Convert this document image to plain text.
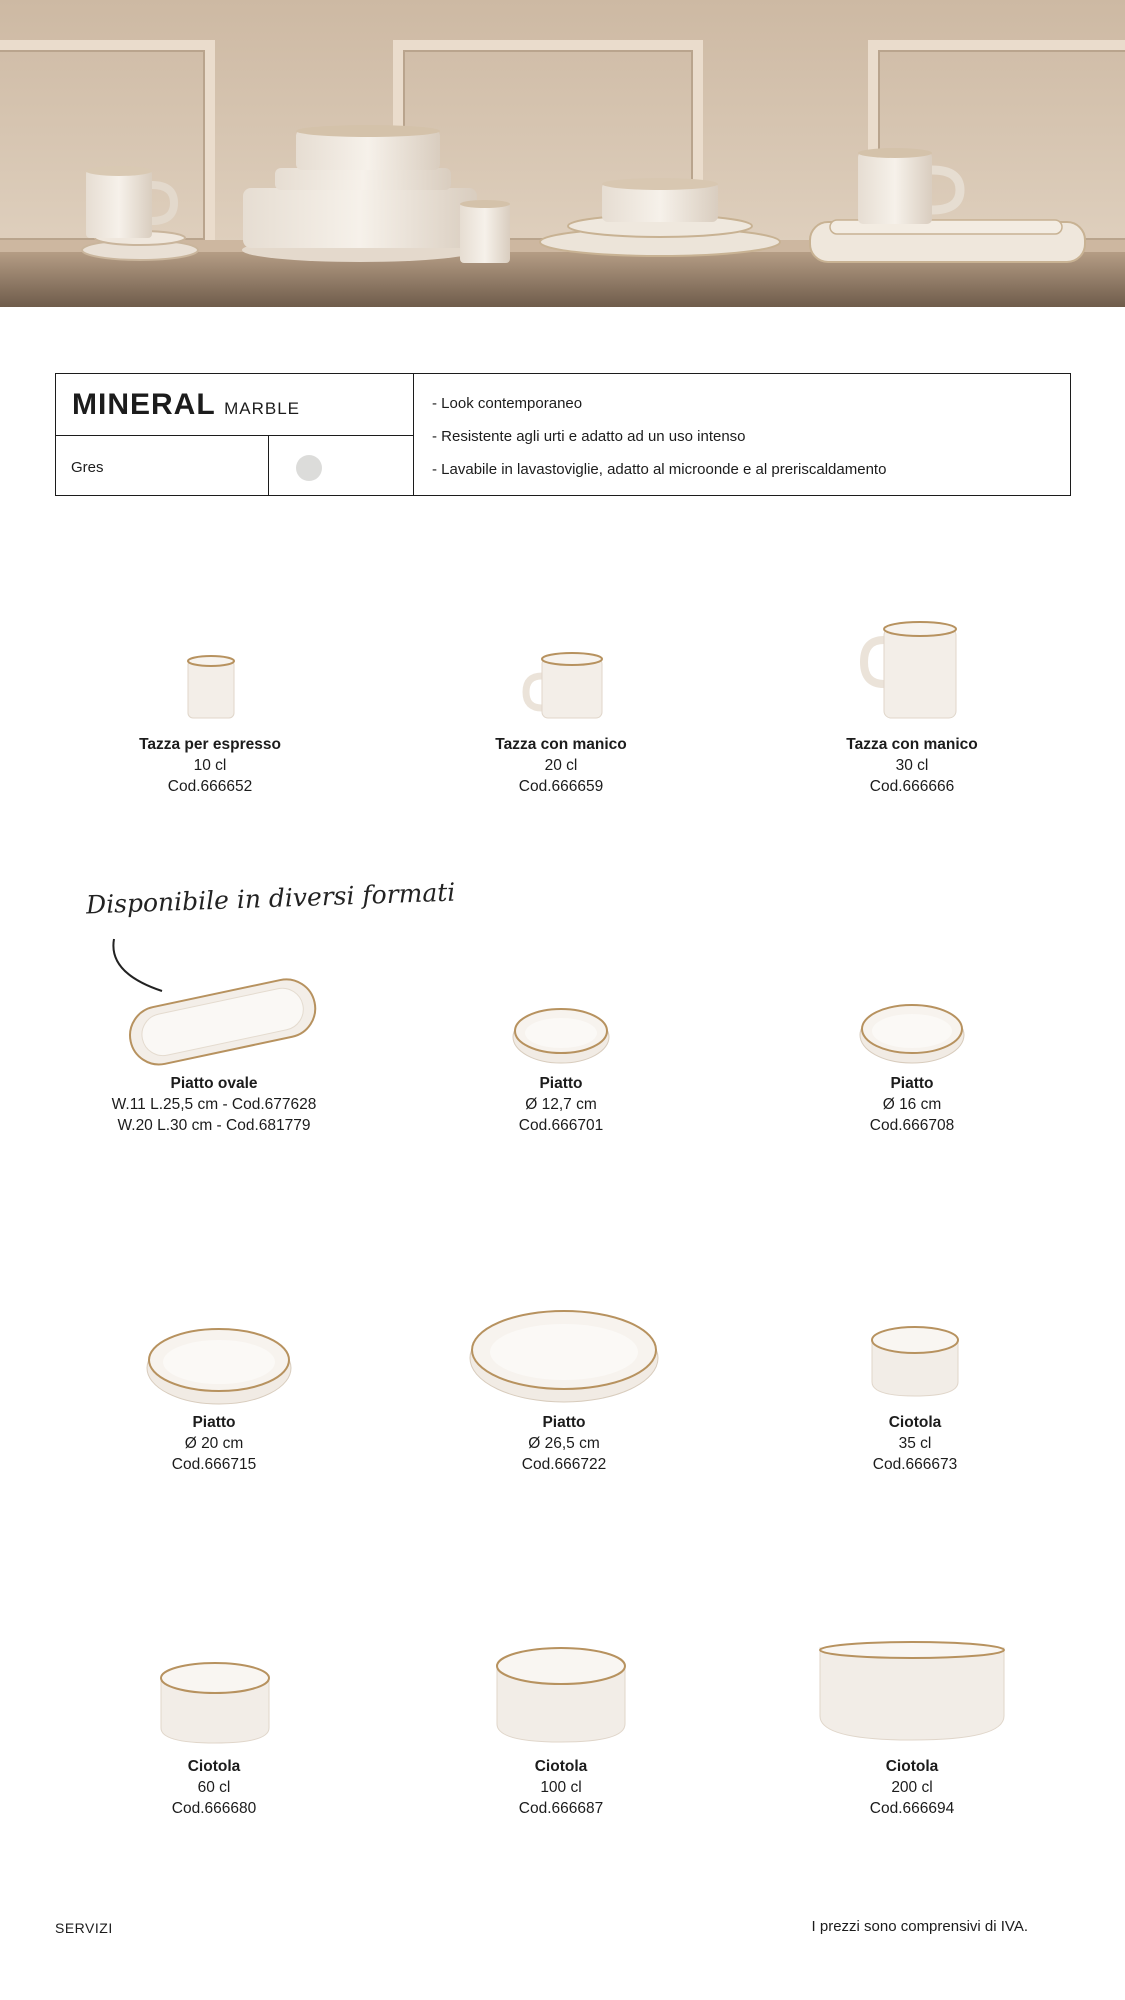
MINERAL MARBLE
Gres
- Look contemporaneo
- Resistente agli urti e adatto ad un uso intenso
- Lavabile in lavastoviglie, adatto al microonde e al preriscaldamento
Tazza per espresso
10 cl
Cod.666652
Tazza con manico
20 cl
Cod.666659
Tazza con manico
30 cl
Cod.666666
Disponibile in diversi formati
Piatto ovale
W.11 L.25,5 cm - Cod.677628
W.20 L.30 cm - Cod.681779
Piatto
Ø 12,7 cm
Cod.666701
Piatto
Ø 16 cm
Cod.666708
Piatto
Ø 20 cm
Cod.666715
Piatto
Ø 26,5 cm
Cod.666722
Ciotola
35 cl
Cod.666673
Ciotola
60 cl
Cod.666680
Ciotola
100 cl
Cod.666687
Ciotola
200 cl
Cod.666694
SERVIZI	I prezzi sono comprensivi di IVA.
